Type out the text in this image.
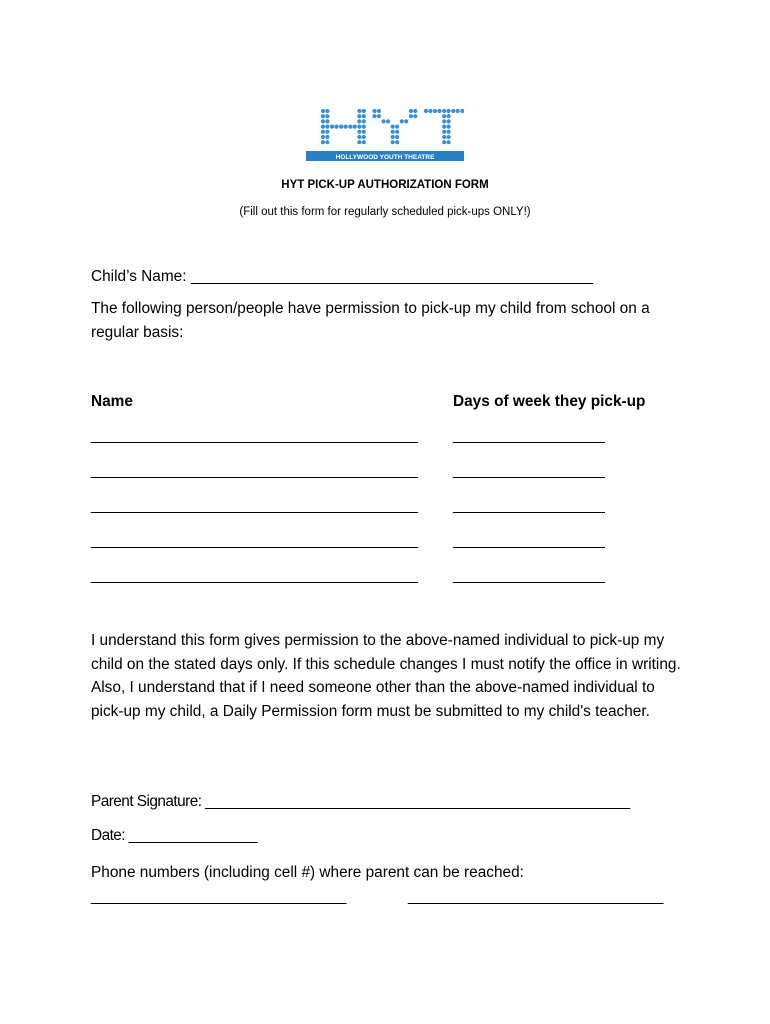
HOLLYWOOD YOUTH THEATRE
HYT PICK-UP AUTHORIZATION FORM
(Fill out this form for regularly scheduled pick-ups ONLY!)
Child’s Name: _______________________________________________
The following person/people have permission to pick-up my child from school on a regular basis:
Name	Days of week they pick-up
_________________________________________ ___________________
_________________________________________ ___________________
_________________________________________ ___________________
_________________________________________ ___________________
_________________________________________ ___________________
I understand this form gives permission to the above-named individual to pick-up my child on the stated days only. If this schedule changes I must notify the office in writing. Also, I understand that if I need someone other than the above-named individual to pick-up my child, a Daily Permission form must be submitted to my child's teacher.
Parent Signature: _____________________________________________________
Date: ________________
Phone numbers (including cell #) where parent can be reached:
________________________________	________________________________
